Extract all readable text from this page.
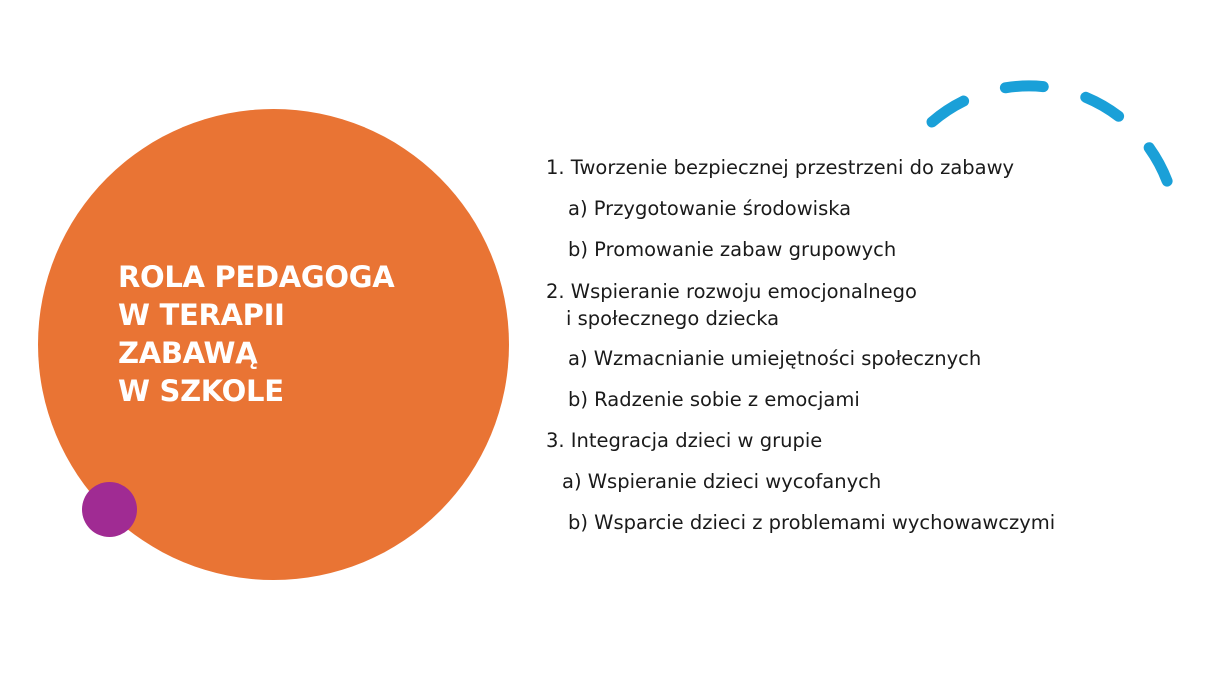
ROLA PEDAGOGA
W TERAPII
ZABAWĄ
W SZKOLE
1. Tworzenie bezpiecznej przestrzeni do zabawy
a) Przygotowanie środowiska
b) Promowanie zabaw grupowych
2. Wspieranie rozwoju emocjonalnego
i społecznego dziecka
a) Wzmacnianie umiejętności społecznych
b) Radzenie sobie z emocjami
3. Integracja dzieci w grupie
a) Wspieranie dzieci wycofanych
b) Wsparcie dzieci z problemami wychowawczymi
